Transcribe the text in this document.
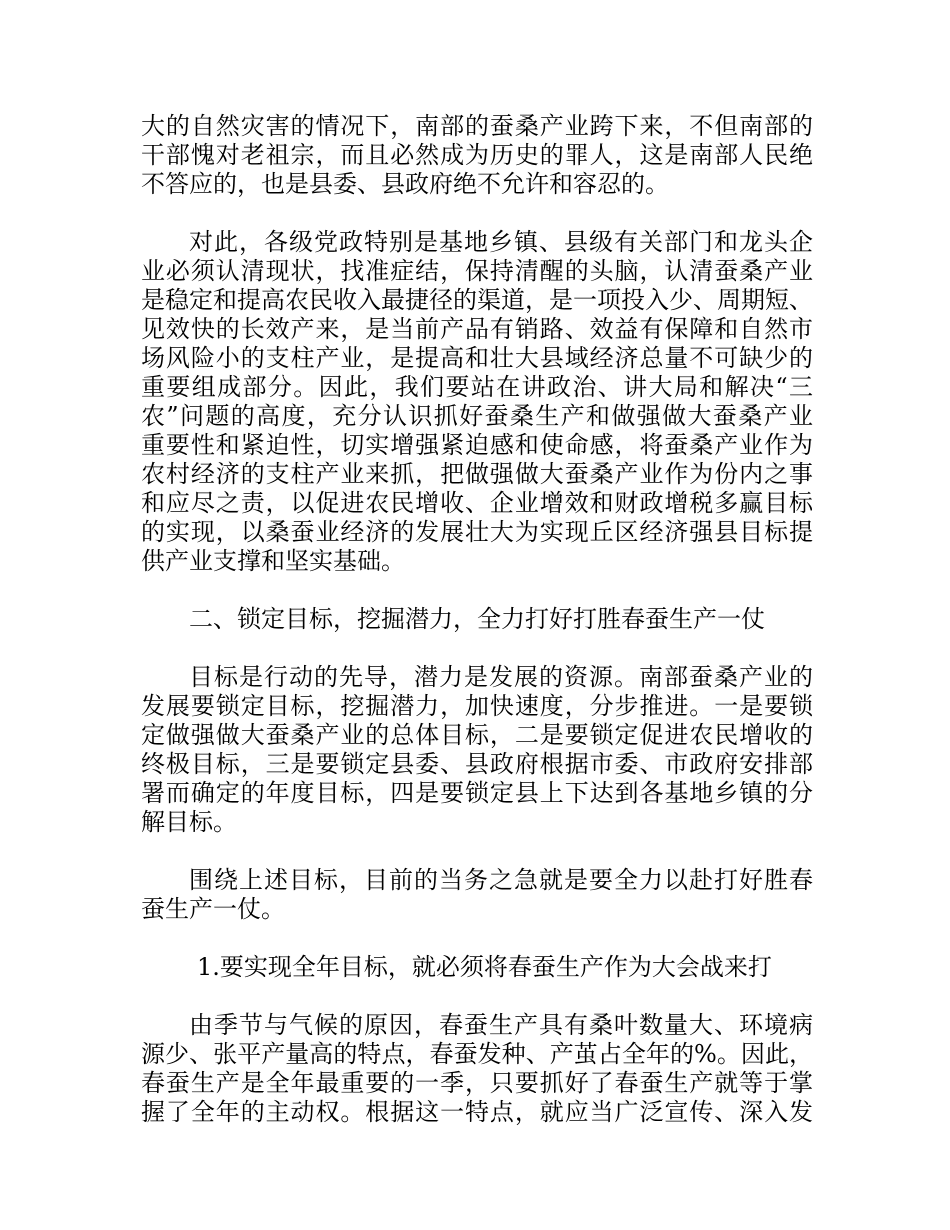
大的自然灾害的情况下，南部的蚕桑产业跨下来，不但南部的
干部愧对老祖宗，而且必然成为历史的罪人，这是南部人民绝
不答应的，也是县委、县政府绝不允许和容忍的。
对此，各级党政特别是基地乡镇、县级有关部门和龙头企
业必须认清现状，找准症结，保持清醒的头脑，认清蚕桑产业
是稳定和提高农民收入最捷径的渠道，是一项投入少、周期短、
见效快的长效产来，是当前产品有销路、效益有保障和自然市
场风险小的支柱产业，是提高和壮大县域经济总量不可缺少的
重要组成部分。因此，我们要站在讲政治、讲大局和解决“三
农”问题的高度，充分认识抓好蚕桑生产和做强做大蚕桑产业
重要性和紧迫性，切实增强紧迫感和使命感，将蚕桑产业作为
农村经济的支柱产业来抓，把做强做大蚕桑产业作为份内之事
和应尽之责，以促进农民增收、企业增效和财政增税多赢目标
的实现，以桑蚕业经济的发展壮大为实现丘区经济强县目标提
供产业支撑和坚实基础。
二、锁定目标，挖掘潜力，全力打好打胜春蚕生产一仗
目标是行动的先导，潜力是发展的资源。南部蚕桑产业的
发展要锁定目标，挖掘潜力，加快速度，分步推进。一是要锁
定做强做大蚕桑产业的总体目标，二是要锁定促进农民增收的
终极目标，三是要锁定县委、县政府根据市委、市政府安排部
署而确定的年度目标，四是要锁定县上下达到各基地乡镇的分
解目标。
围绕上述目标，目前的当务之急就是要全力以赴打好胜春
蚕生产一仗。
1.要实现全年目标，就必须将春蚕生产作为大会战来打
由季节与气候的原因，春蚕生产具有桑叶数量大、环境病
源少、张平产量高的特点，春蚕发种、产茧占全年的%。因此，
春蚕生产是全年最重要的一季，只要抓好了春蚕生产就等于掌
握了全年的主动权。根据这一特点，就应当广泛宣传、深入发
